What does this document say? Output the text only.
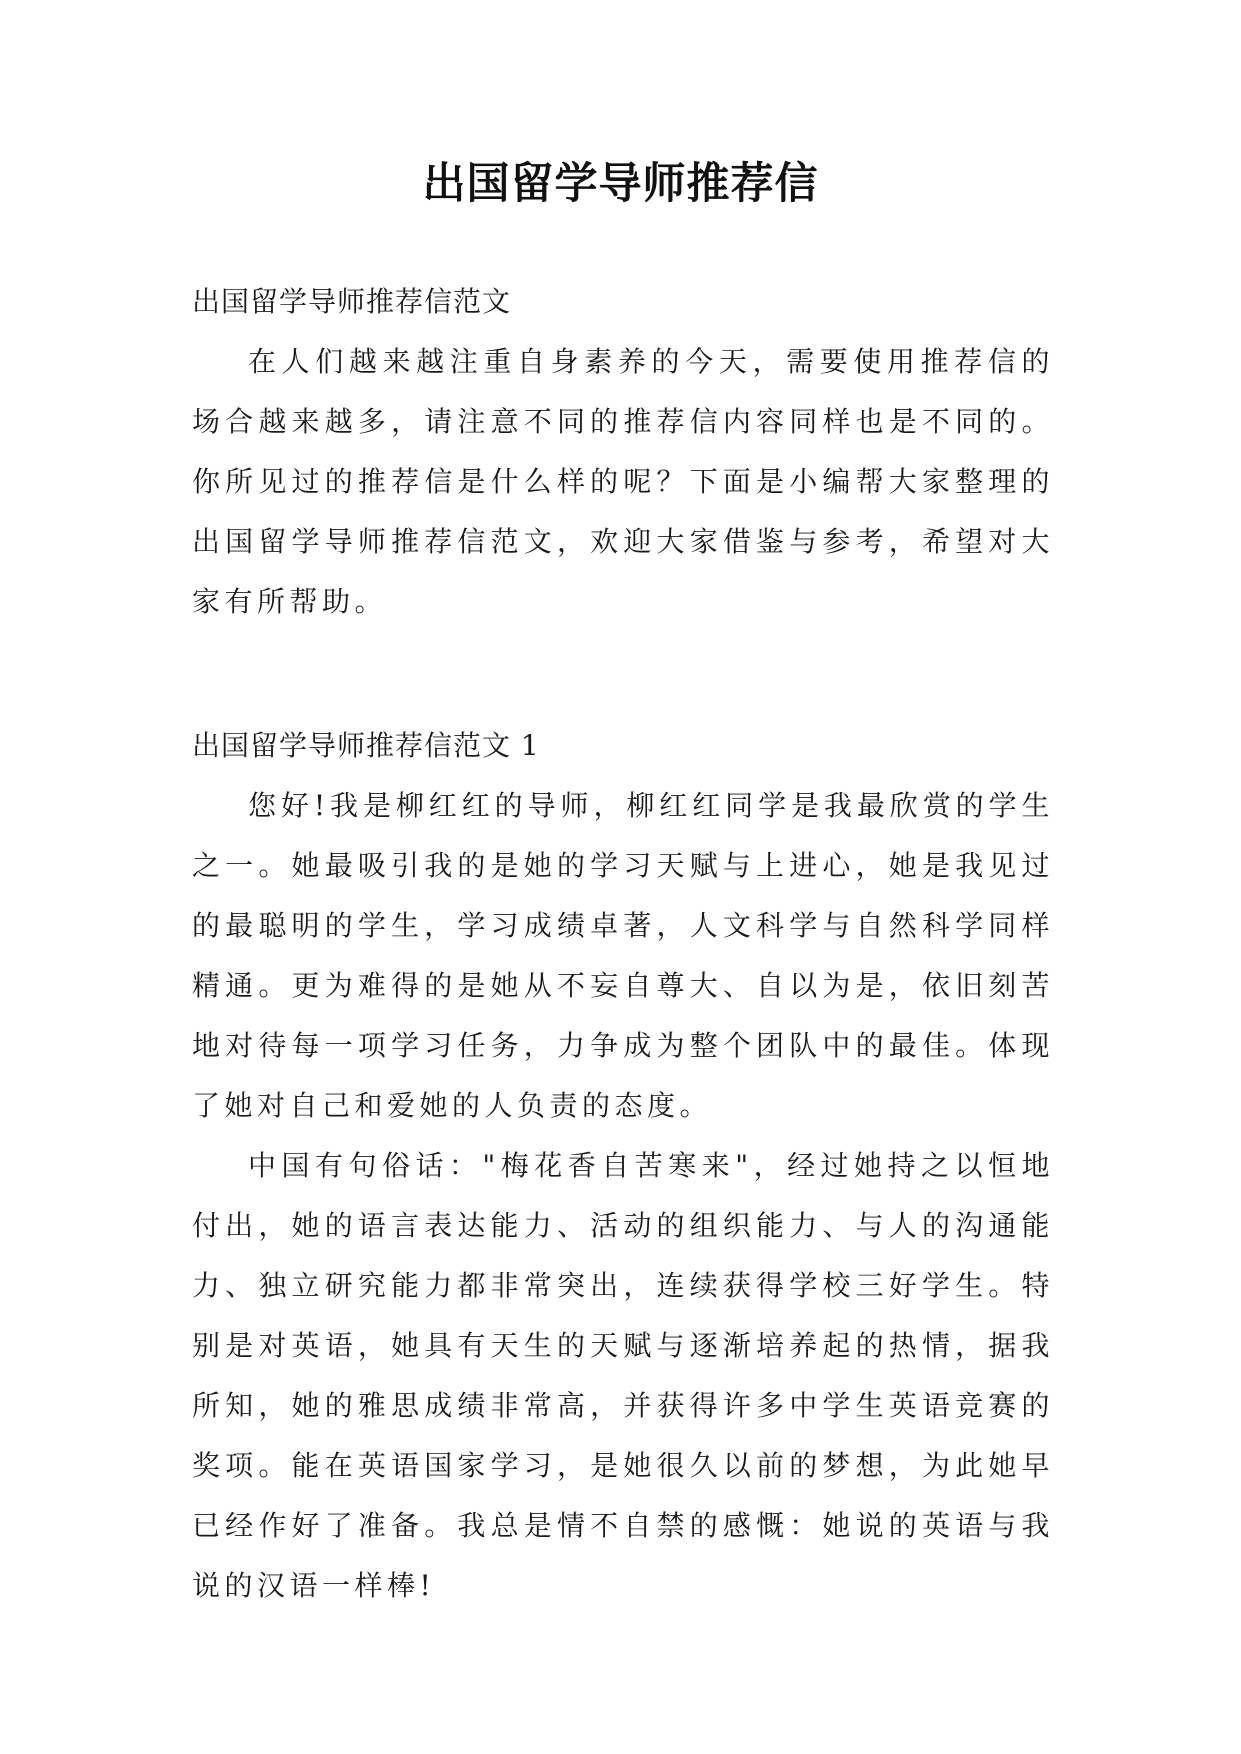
出国留学导师推荐信

出国留学导师推荐信范文

在人们越来越注重自身素养的今天，需要使用推荐信的场合越来越多，请注意不同的推荐信内容同样也是不同的。你所见过的推荐信是什么样的呢？下面是小编帮大家整理的出国留学导师推荐信范文，欢迎大家借鉴与参考，希望对大家有所帮助。

出国留学导师推荐信范文 1

您好!我是柳红红的导师，柳红红同学是我最欣赏的学生之一。她最吸引我的是她的学习天赋与上进心，她是我见过的最聪明的学生，学习成绩卓著，人文科学与自然科学同样精通。更为难得的是她从不妄自尊大、自以为是，依旧刻苦地对待每一项学习任务，力争成为整个团队中的最佳。体现了她对自己和爱她的人负责的态度。

中国有句俗话："梅花香自苦寒来"，经过她持之以恒地付出，她的语言表达能力、活动的组织能力、与人的沟通能力、独立研究能力都非常突出，连续获得学校三好学生。特别是对英语，她具有天生的天赋与逐渐培养起的热情，据我所知，她的雅思成绩非常高，并获得许多中学生英语竞赛的奖项。能在英语国家学习，是她很久以前的梦想，为此她早已经作好了准备。我总是情不自禁的感慨：她说的英语与我说的汉语一样棒!
